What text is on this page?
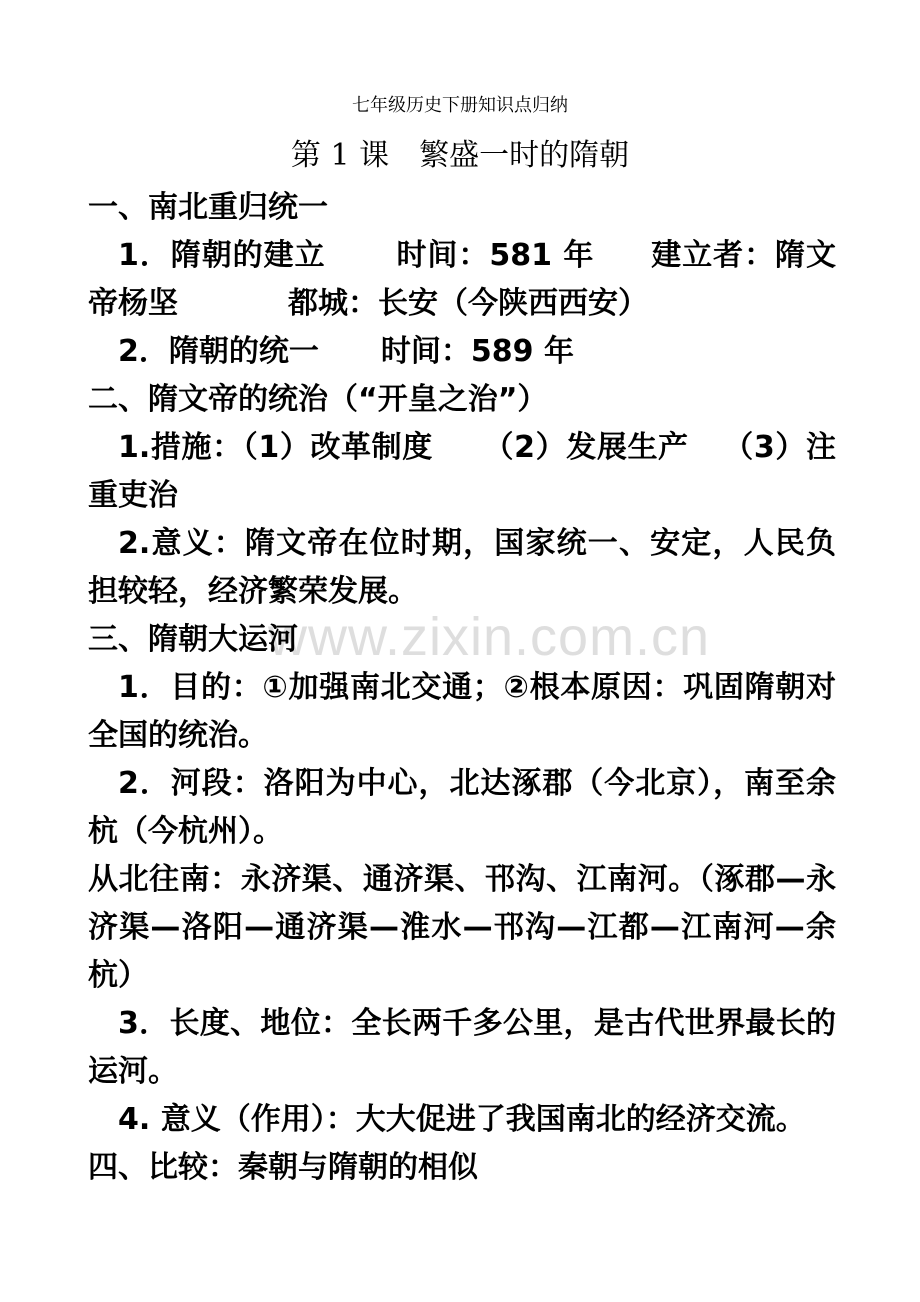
七年级历史下册知识点归纳
第 1 课　繁盛一时的隋朝
www.zixin.com.cn

一、南北重归统一

1．隋朝的建立 时间：581 年 建立者：隋文帝杨坚	都城：长安（今陕西西安）

2．隋朝的统一 时间：589 年

二、隋文帝的统治（“开皇之治”）

1.措施：（1）改革制度 （2）发展生产 （3）注重吏治

2.意义：隋文帝在位时期，国家统一、安定，人民负担较轻，经济繁荣发展。

三、隋朝大运河

1．目的：①加强南北交通；②根本原因：巩固隋朝对全国的统治。

2．河段：洛阳为中心，北达涿郡（今北京），南至余杭（今杭州）。

从北往南：永济渠、通济渠、邗沟、江南河。（涿郡—永济渠—洛阳—通济渠—淮水—邗沟—江都—江南河—余杭）

3．长度、地位：全长两千多公里，是古代世界最长的运河。

4. 意义（作用）：大大促进了我国南北的经济交流。

四、比较：秦朝与隋朝的相似
